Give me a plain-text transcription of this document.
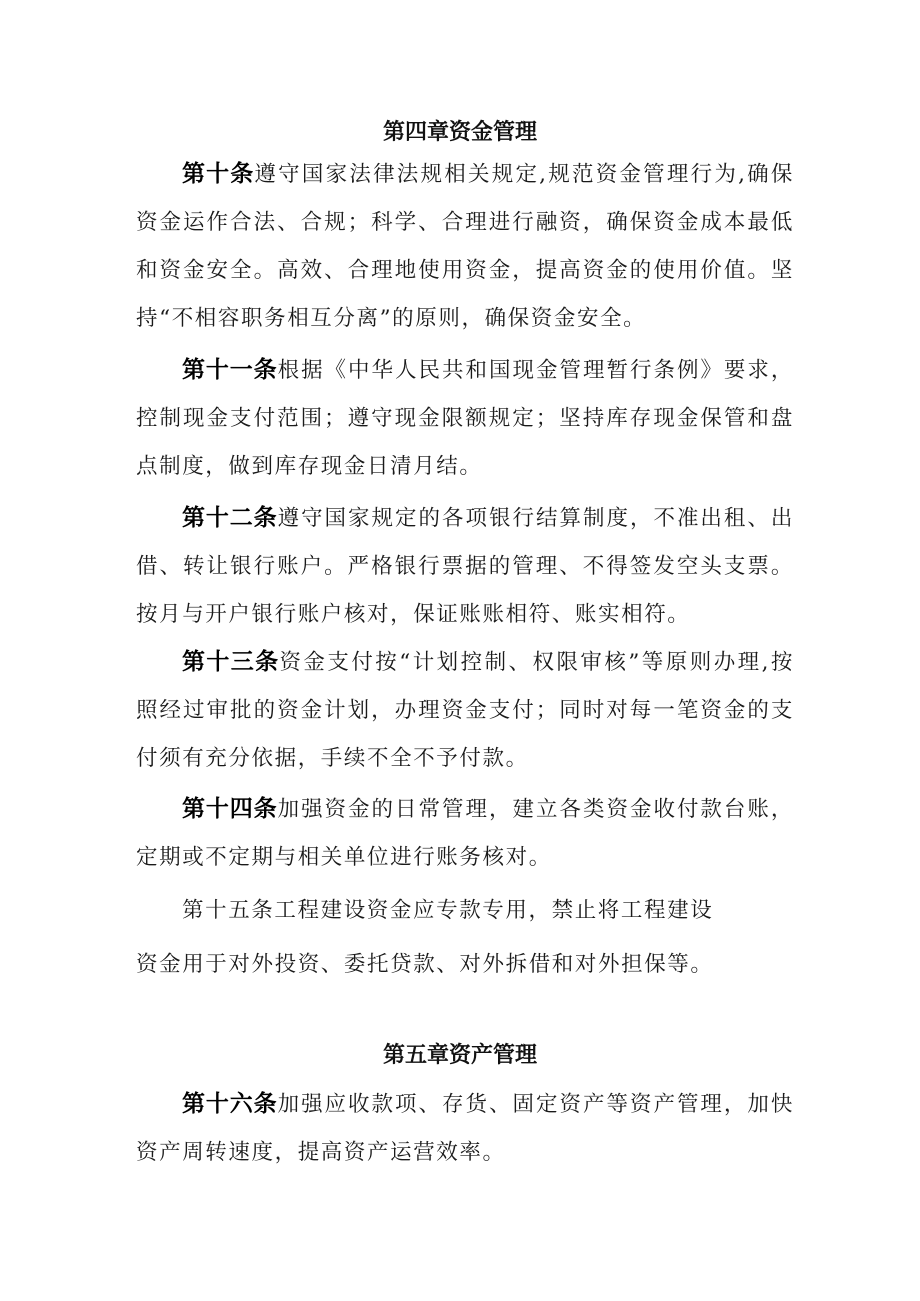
第四章资金管理

第十条遵守国家法律法规相关规定,规范资金管理行为,确保资金运作合法、合规；科学、合理进行融资，确保资金成本最低和资金安全。高效、合理地使用资金，提高资金的使用价值。坚持“不相容职务相互分离”的原则，确保资金安全。

第十一条根据《中华人民共和国现金管理暂行条例》要求，控制现金支付范围；遵守现金限额规定；坚持库存现金保管和盘点制度，做到库存现金日清月结。

第十二条遵守国家规定的各项银行结算制度，不准出租、出借、转让银行账户。严格银行票据的管理、不得签发空头支票。按月与开户银行账户核对，保证账账相符、账实相符。

第十三条资金支付按“计划控制、权限审核”等原则办理,按照经过审批的资金计划，办理资金支付；同时对每一笔资金的支付须有充分依据，手续不全不予付款。

第十四条加强资金的日常管理，建立各类资金收付款台账，定期或不定期与相关单位进行账务核对。

第十五条工程建设资金应专款专用，禁止将工程建设
资金用于对外投资、委托贷款、对外拆借和对外担保等。
第五章资产管理

第十六条加强应收款项、存货、固定资产等资产管理，加快资产周转速度，提高资产运营效率。
